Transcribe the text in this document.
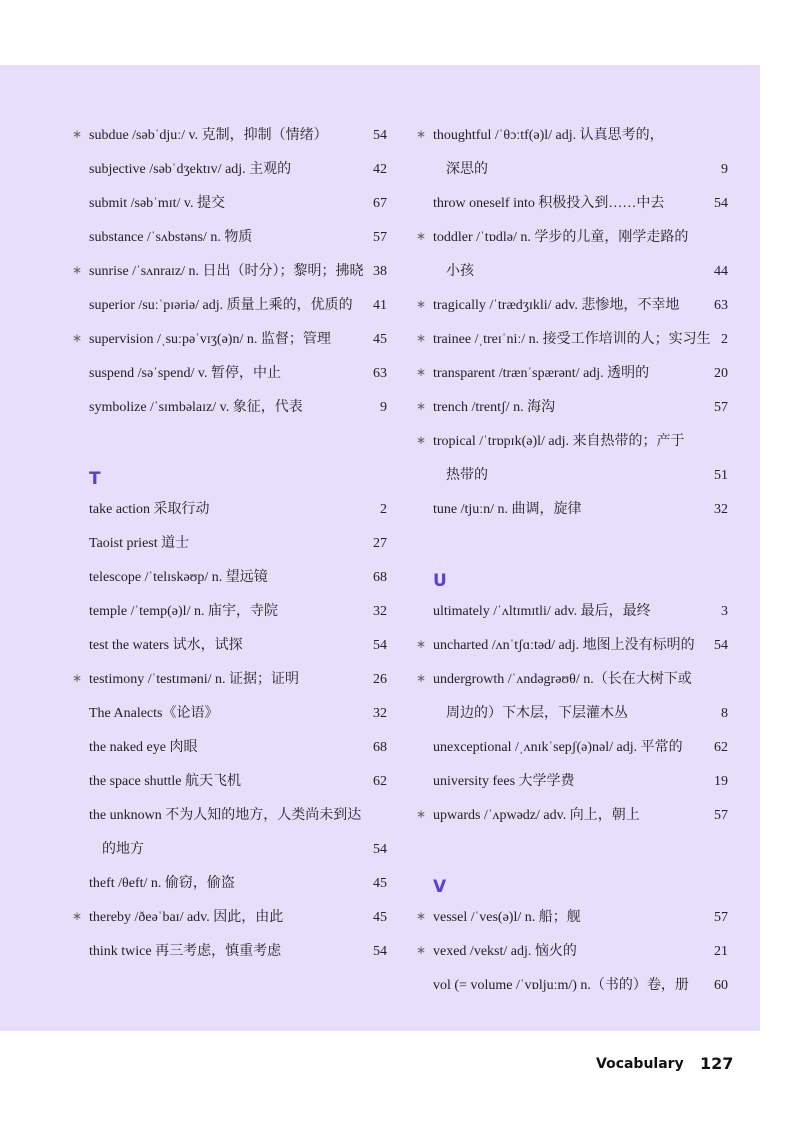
∗ subdue /səbˈdjuː/ v. 克制，抑制（情绪）	54
subjective /səbˈdʒektɪv/ adj. 主观的	42
submit /səbˈmɪt/ v. 提交	67
substance /ˈsʌbstəns/ n. 物质	57
∗ sunrise /ˈsʌnraɪz/ n. 日出（时分）；黎明；拂晓 38
superior /suːˈpɪəriə/ adj. 质量上乘的，优质的 41
∗ supervision /ˌsuːpəˈvɪʒ(ə)n/ n. 监督；管理	45
suspend /səˈspend/ v. 暂停，中止	63
symbolize /ˈsɪmbəlaɪz/ v. 象征，代表	9
T
take action 采取行动	2
Taoist priest 道士	27
telescope /ˈtelɪskəʊp/ n. 望远镜	68
temple /ˈtemp(ə)l/ n. 庙宇，寺院	32
test the waters 试水，试探	54
∗ testimony /ˈtestɪməni/ n. 证据；证明	26
The Analects《论语》	32
the naked eye 肉眼	68
the space shuttle 航天飞机	62
the unknown 不为人知的地方，人类尚未到达
的地方	54
theft /θeft/ n. 偷窃，偷盗	45
∗ thereby /ðeəˈbaɪ/ adv. 因此，由此	45
think twice 再三考虑，慎重考虑	54
∗ thoughtful /ˈθɔːtf(ə)l/ adj. 认真思考的，
深思的	9
throw oneself into 积极投入到……中去	54
∗ toddler /ˈtɒdlə/ n. 学步的儿童，刚学走路的
小孩	44
∗ tragically /ˈtrædʒɪkli/ adv. 悲惨地，不幸地 63
∗ trainee /ˌtreɪˈniː/ n. 接受工作培训的人；实习生 2
∗ transparent /trænˈspærənt/ adj. 透明的	20
∗ trench /trentʃ/ n. 海沟	57
∗ tropical /ˈtrɒpɪk(ə)l/ adj. 来自热带的；产于
热带的	51
tune /tjuːn/ n. 曲调，旋律	32
U
ultimately /ˈʌltɪmɪtli/ adv. 最后，最终	3
∗ uncharted /ʌnˈtʃɑːtəd/ adj. 地图上没有标明的 54
∗ undergrowth /ˈʌndəgrəʊθ/ n.（长在大树下或
周边的）下木层，下层灌木丛	8
unexceptional /ˌʌnɪkˈsepʃ(ə)nəl/ adj. 平常的 62
university fees 大学学费	19
∗ upwards /ˈʌpwədz/ adv. 向上，朝上	57
V
∗ vessel /ˈves(ə)l/ n. 船；舰	57
∗ vexed /vekst/ adj. 恼火的	21
vol (= volume /ˈvɒljuːm/) n.（书的）卷，册 60
Vocabulary 127
